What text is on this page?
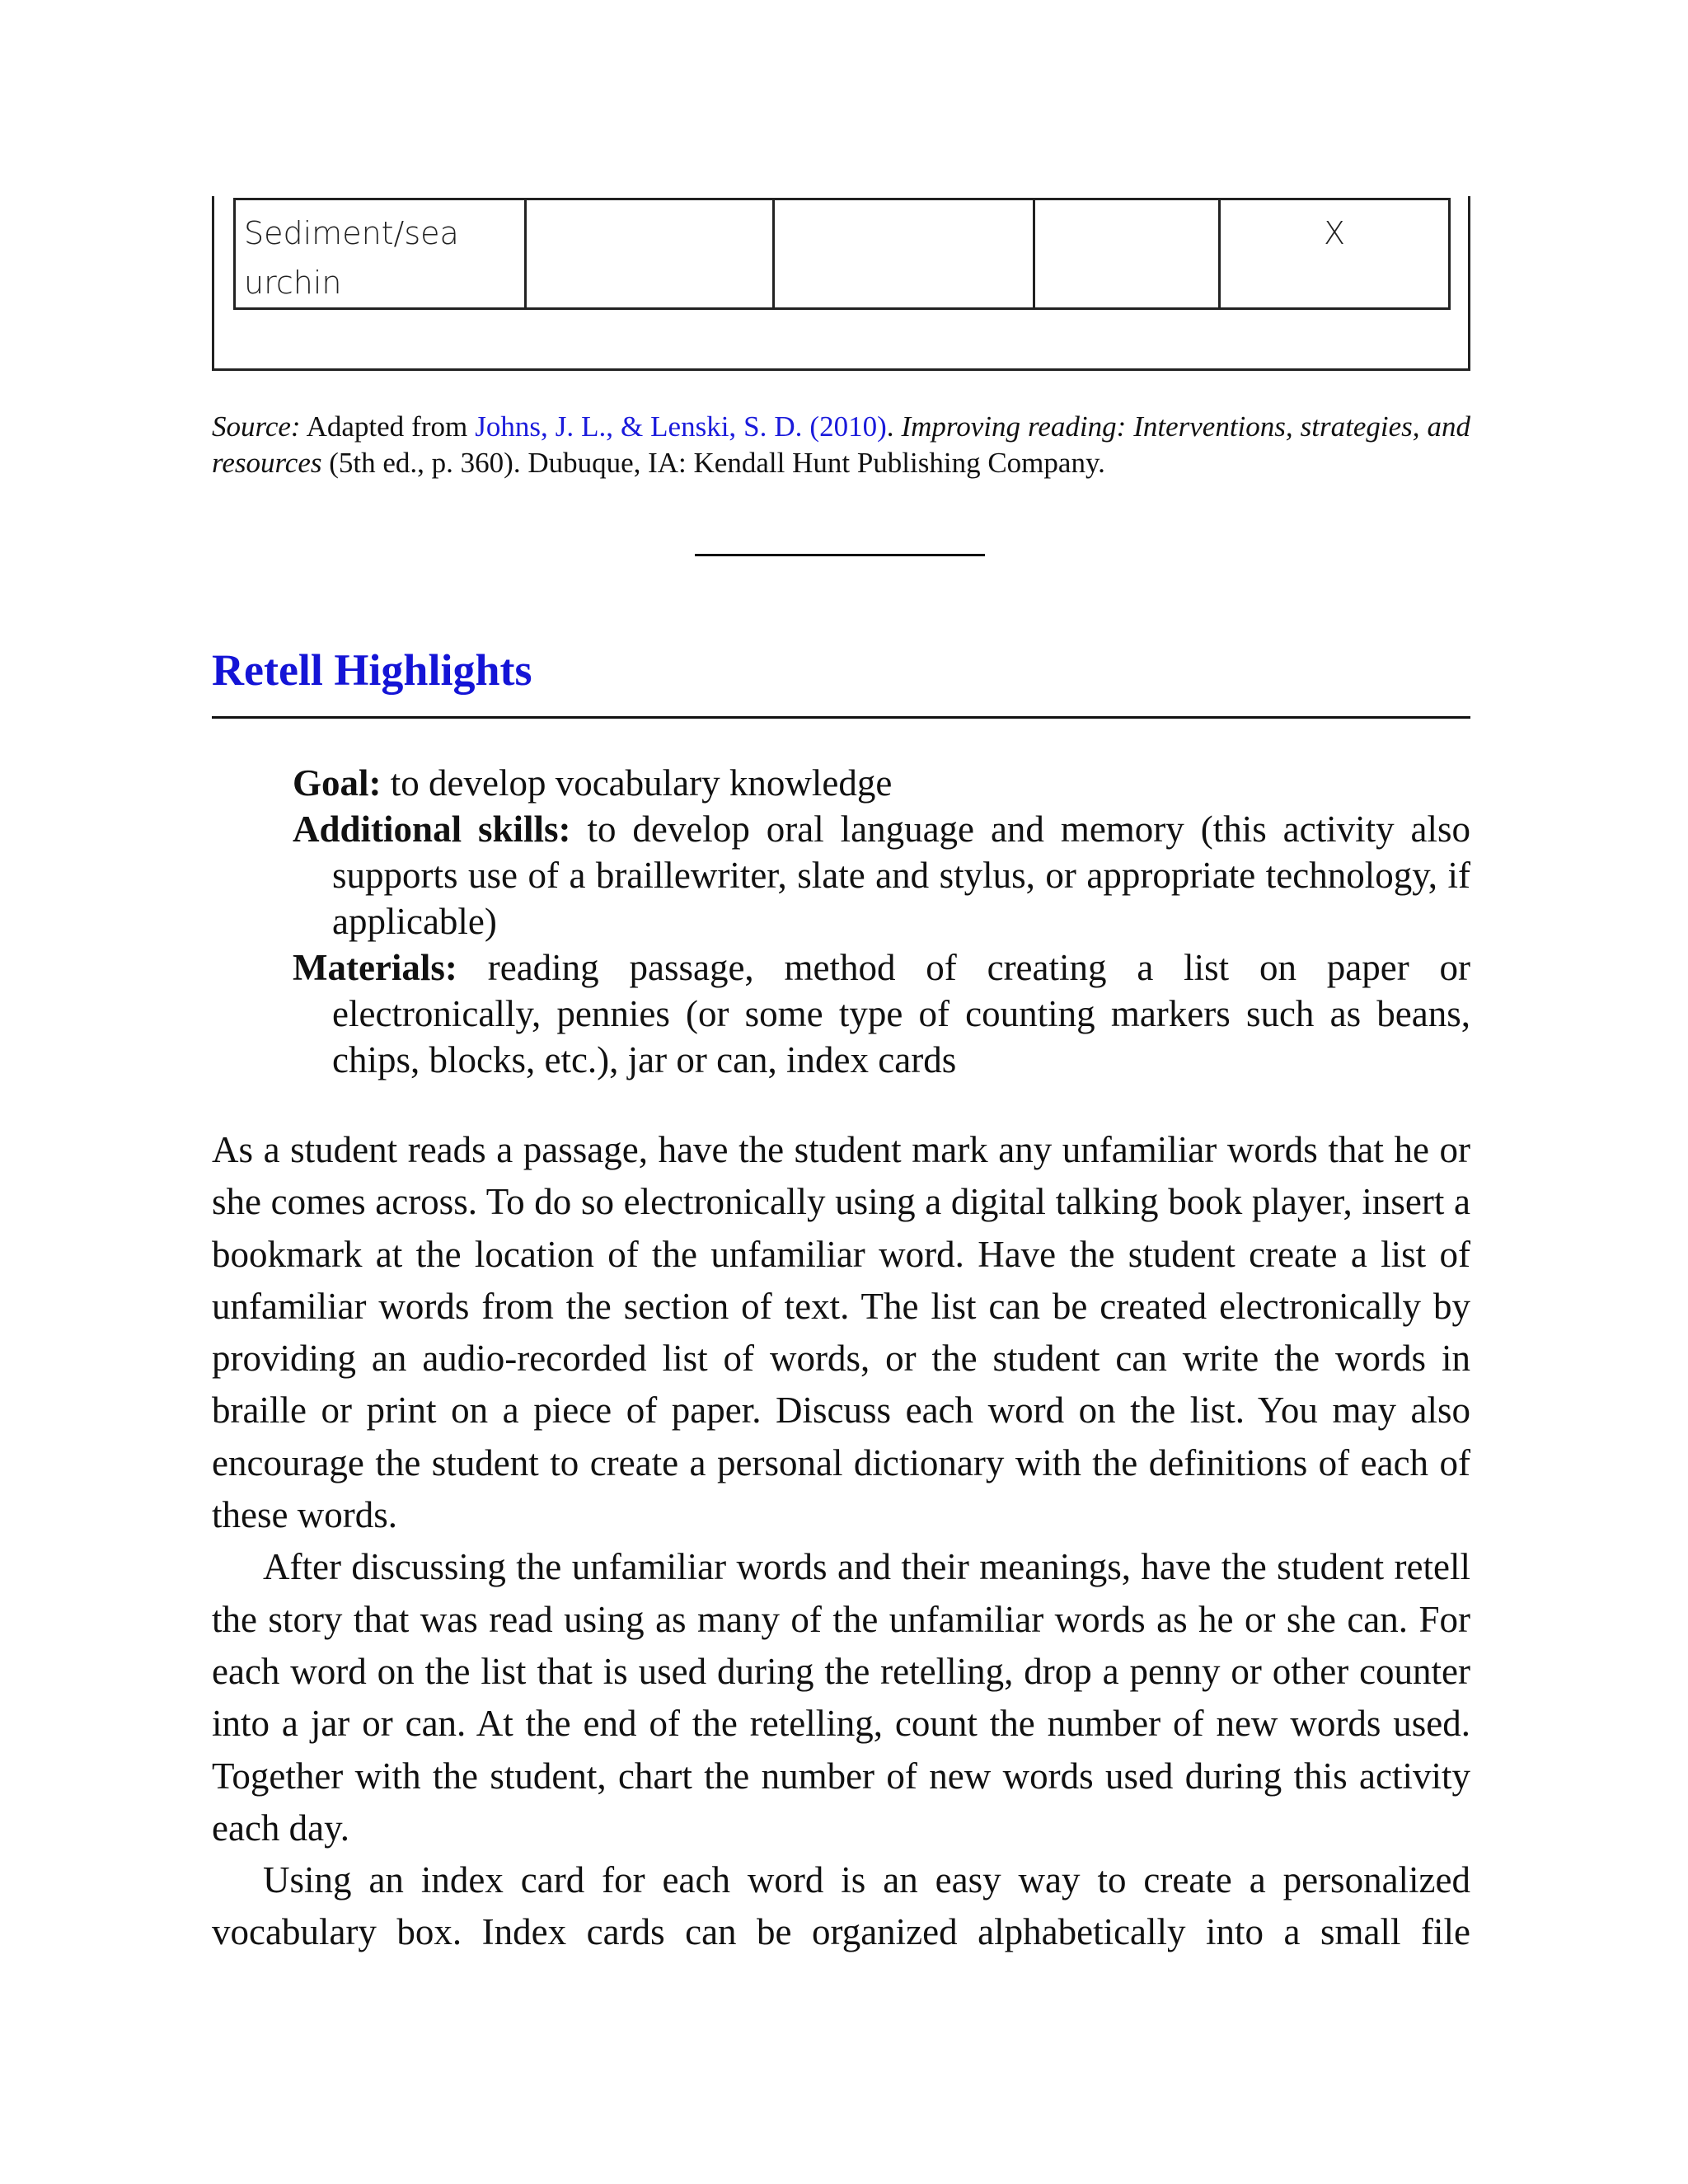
Sediment/sea
urchin				X
Source: Adapted from Johns, J. L., & Lenski, S. D. (2010). Improving reading: Interventions, strategies, and resources (5th ed., p. 360). Dubuque, IA: Kendall Hunt Publishing Company.
Retell Highlights

Goal: to develop vocabulary knowledge

Additional skills: to develop oral language and memory (this activity also supports use of a braillewriter, slate and stylus, or appropriate technology, if applicable)

Materials: reading passage, method of creating a list on paper or electronically, pennies (or some type of counting markers such as beans, chips, blocks, etc.), jar or can, index cards

As a student reads a passage, have the student mark any unfamiliar words that he or she comes across. To do so electronically using a digital talking book player, insert a bookmark at the location of the unfamiliar word. Have the student create a list of unfamiliar words from the section of text. The list can be created electronically by providing an audio-recorded list of words, or the student can write the words in braille or print on a piece of paper. Discuss each word on the list. You may also encourage the student to create a personal dictionary with the definitions of each of these words.

After discussing the unfamiliar words and their meanings, have the student retell the story that was read using as many of the unfamiliar words as he or she can. For each word on the list that is used during the retelling, drop a penny or other counter into a jar or can. At the end of the retelling, count the number of new words used. Together with the student, chart the number of new words used during this activity each day.

Using an index card for each word is an easy way to create a personalized vocabulary box. Index cards can be organized alphabetically into a small file
